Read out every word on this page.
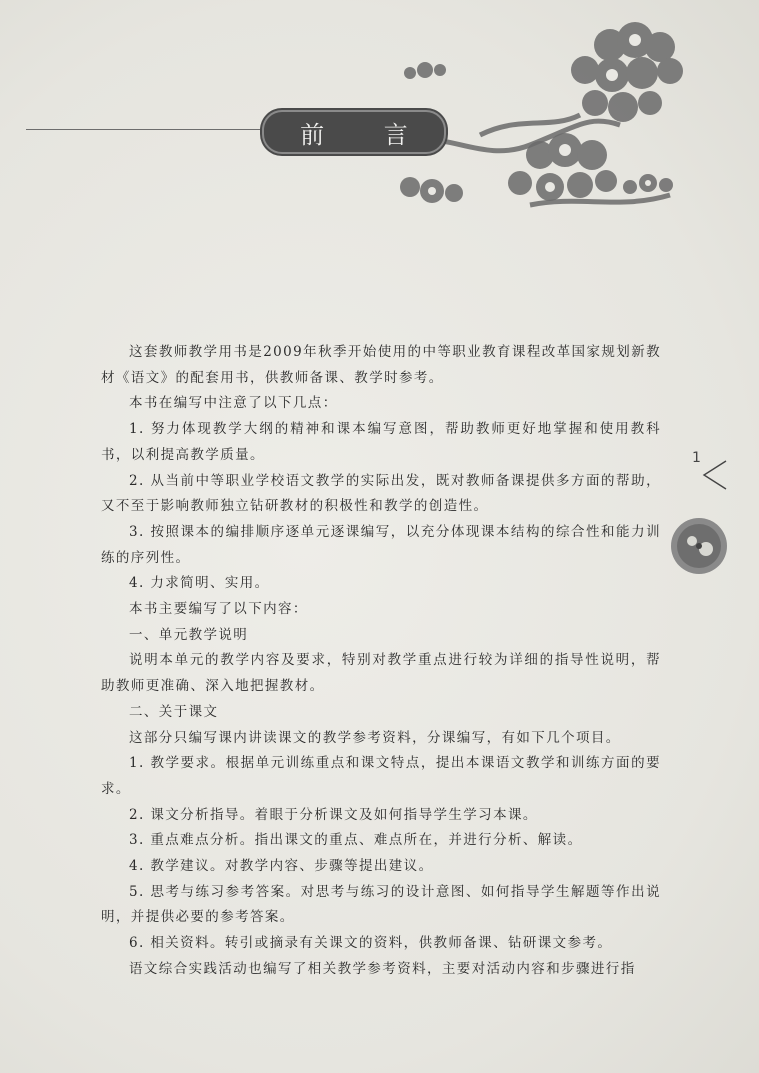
前 言
1

这套教师教学用书是2009年秋季开始使用的中等职业教育课程改革国家规划新教材《语文》的配套用书，供教师备课、教学时参考。

本书在编写中注意了以下几点：

1. 努力体现教学大纲的精神和课本编写意图，帮助教师更好地掌握和使用教科书，以利提高教学质量。

2. 从当前中等职业学校语文教学的实际出发，既对教师备课提供多方面的帮助，又不至于影响教师独立钻研教材的积极性和教学的创造性。

3. 按照课本的编排顺序逐单元逐课编写，以充分体现课本结构的综合性和能力训练的序列性。

4. 力求简明、实用。

本书主要编写了以下内容：

一、单元教学说明

说明本单元的教学内容及要求，特别对教学重点进行较为详细的指导性说明，帮助教师更准确、深入地把握教材。

二、关于课文

这部分只编写课内讲读课文的教学参考资料，分课编写，有如下几个项目。

1. 教学要求。根据单元训练重点和课文特点，提出本课语文教学和训练方面的要求。

2. 课文分析指导。着眼于分析课文及如何指导学生学习本课。

3. 重点难点分析。指出课文的重点、难点所在，并进行分析、解读。

4. 教学建议。对教学内容、步骤等提出建议。

5. 思考与练习参考答案。对思考与练习的设计意图、如何指导学生解题等作出说明，并提供必要的参考答案。

6. 相关资料。转引或摘录有关课文的资料，供教师备课、钻研课文参考。

语文综合实践活动也编写了相关教学参考资料，主要对活动内容和步骤进行指
